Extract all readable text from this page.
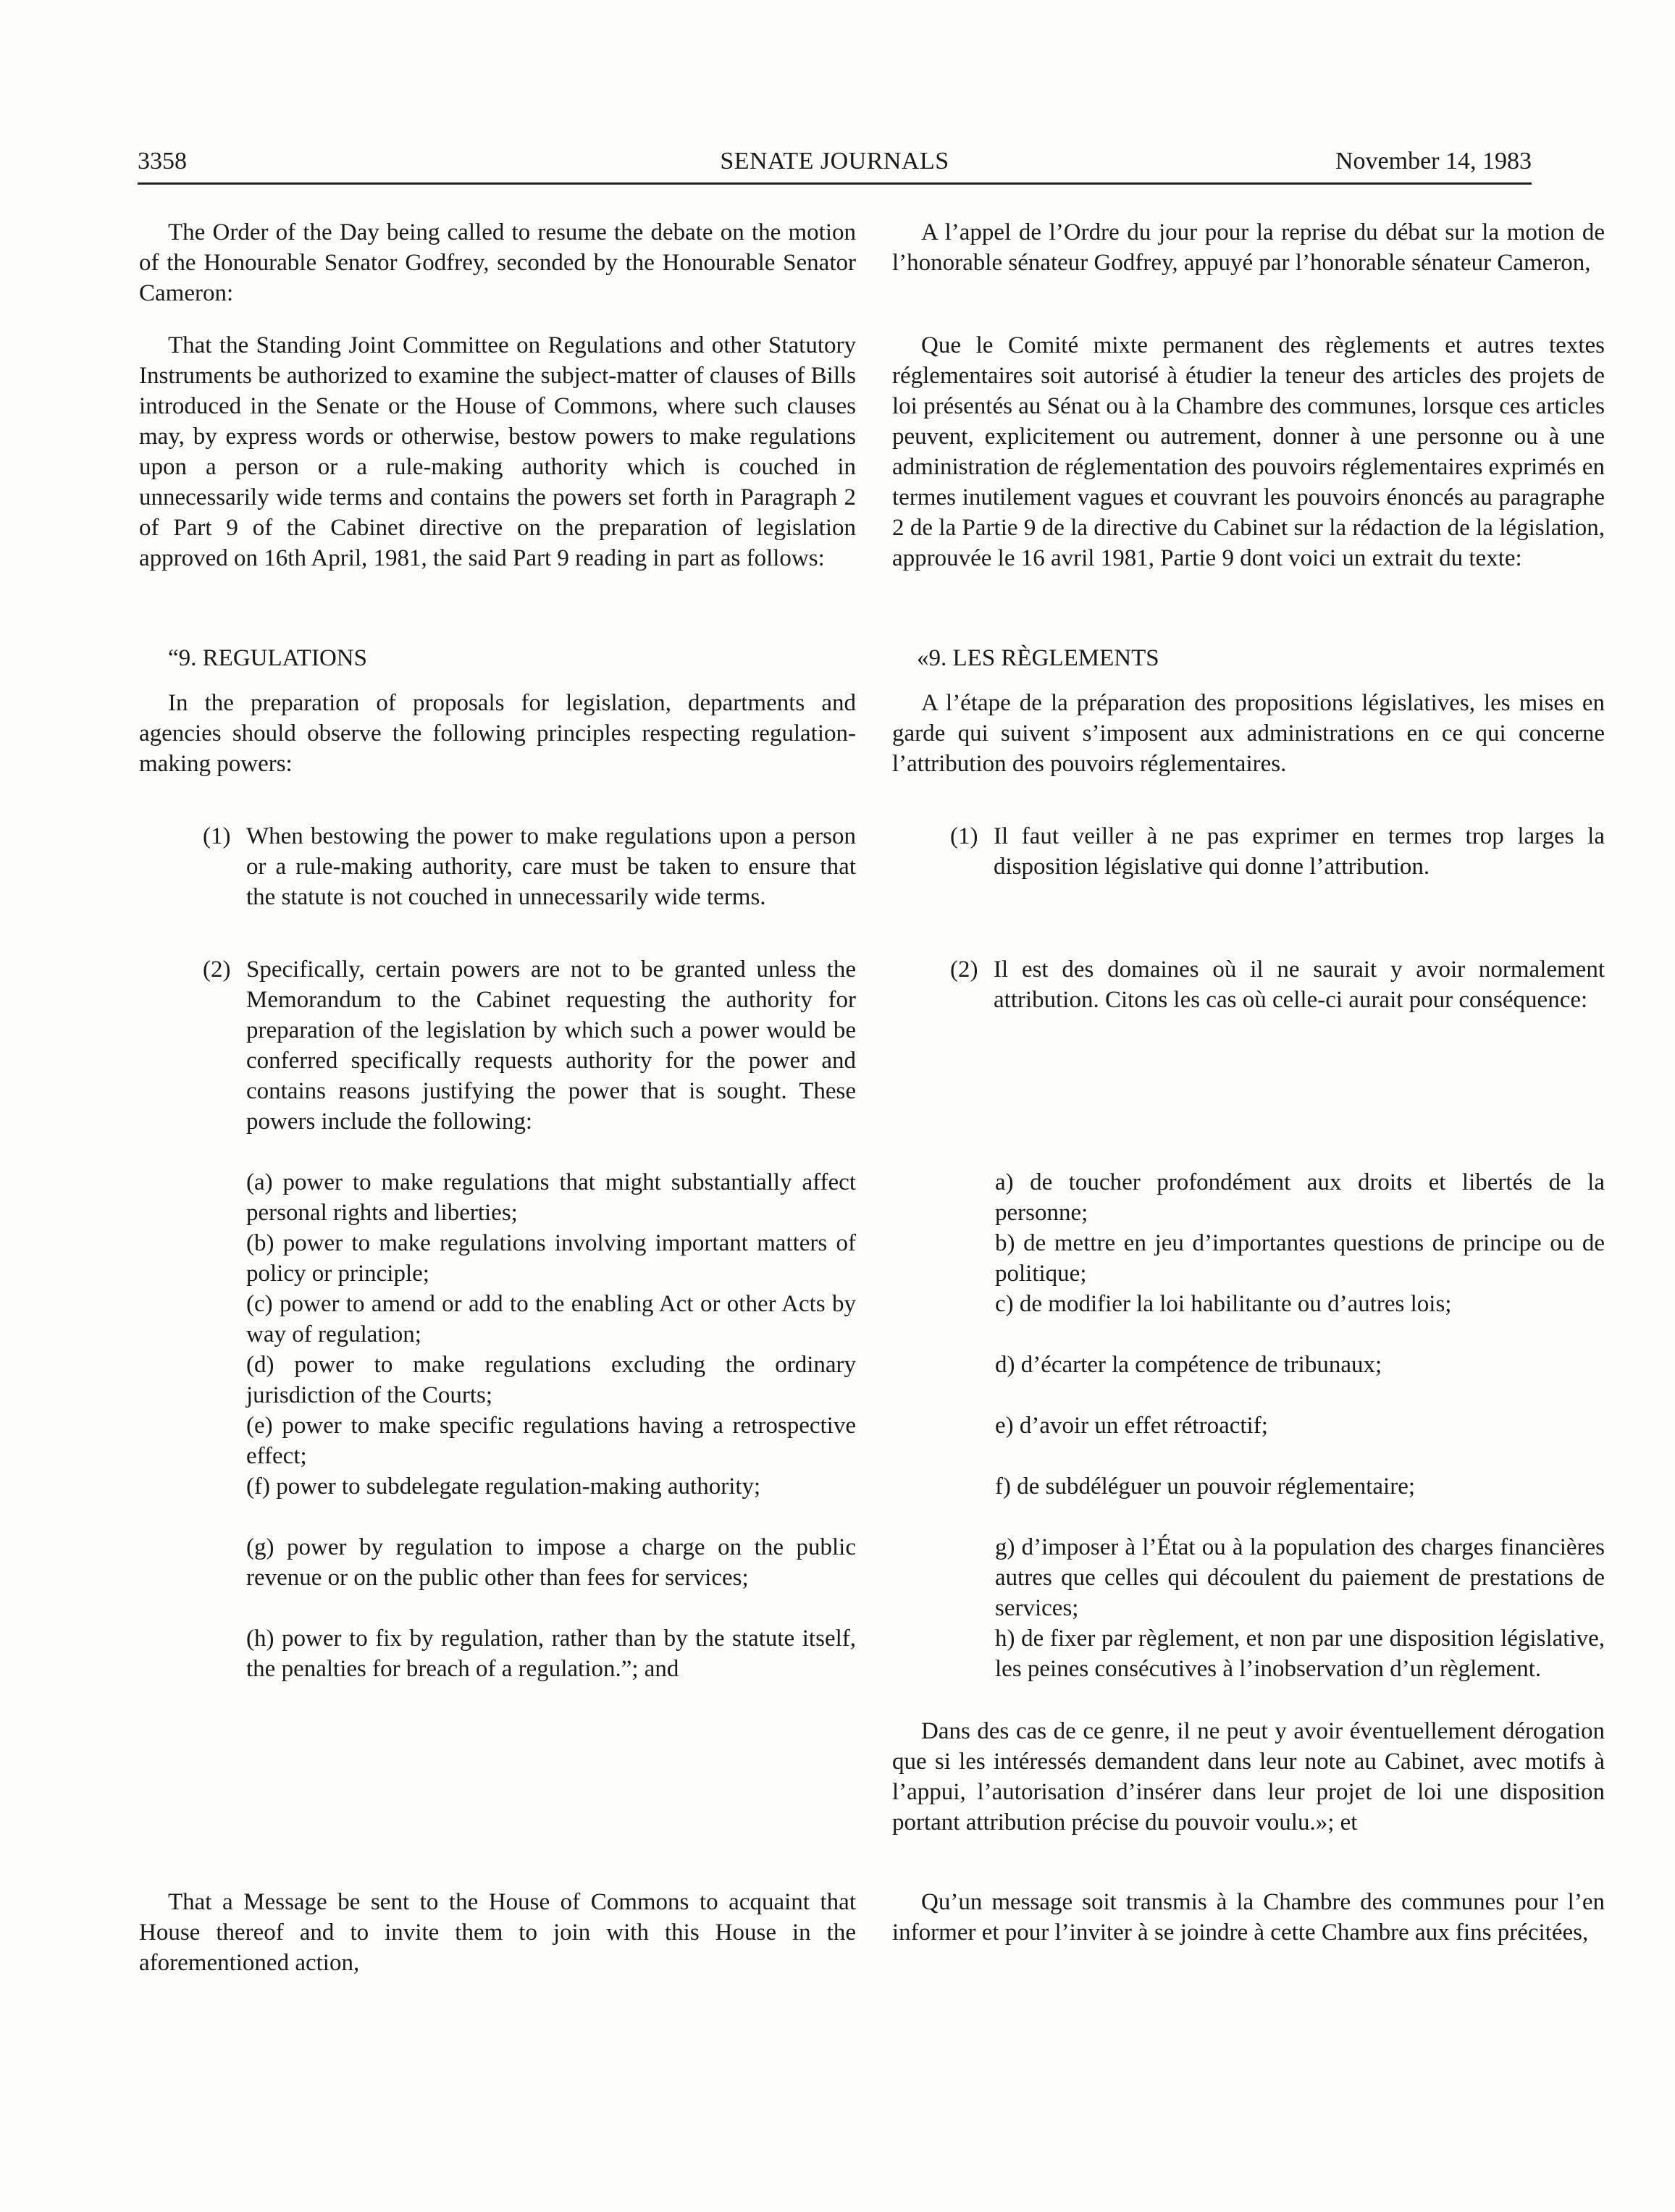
3358	SENATE JOURNALS	November 14, 1983

The Order of the Day being called to resume the debate on the motion of the Honourable Senator Godfrey, seconded by the Honourable Senator Cameron:

That the Standing Joint Committee on Regulations and other Statutory Instruments be authorized to examine the subject-matter of clauses of Bills introduced in the Senate or the House of Commons, where such clauses may, by express words or otherwise, bestow powers to make regulations upon a person or a rule-making authority which is couched in unnecessarily wide terms and contains the powers set forth in Paragraph 2 of Part 9 of the Cabinet directive on the preparation of legislation approved on 16th April, 1981, the said Part 9 reading in part as follows:

“9. REGULATIONS

In the preparation of proposals for legislation, departments and agencies should observe the following principles respecting regulation-making powers:

(1) When bestowing the power to make regulations upon a person or a rule-making authority, care must be taken to ensure that the statute is not couched in unnecessarily wide terms.
(2) Specifically, certain powers are not to be granted unless the Memorandum to the Cabinet requesting the authority for preparation of the legislation by which such a power would be conferred specifically requests authority for the power and contains reasons justifying the power that is sought. These powers include the following:
(a) power to make regulations that might substantially affect personal rights and liberties;
(b) power to make regulations involving important matters of policy or principle;
(c) power to amend or add to the enabling Act or other Acts by way of regulation;
(d) power to make regulations excluding the ordinary jurisdiction of the Courts;
(e) power to make specific regulations having a retrospective effect;
(f) power to subdelegate regulation-making authority;
(g) power by regulation to impose a charge on the public revenue or on the public other than fees for services;
(h) power to fix by regulation, rather than by the statute itself, the penalties for breach of a regulation.”; and

That a Message be sent to the House of Commons to acquaint that House thereof and to invite them to join with this House in the aforementioned action,

A l’appel de l’Ordre du jour pour la reprise du débat sur la motion de l’honorable sénateur Godfrey, appuyé par l’honorable sénateur Cameron,

Que le Comité mixte permanent des règlements et autres textes réglementaires soit autorisé à étudier la teneur des articles des projets de loi présentés au Sénat ou à la Chambre des communes, lorsque ces articles peuvent, explicitement ou autrement, donner à une personne ou à une administration de réglementation des pouvoirs réglementaires exprimés en termes inutilement vagues et couvrant les pouvoirs énoncés au paragraphe 2 de la Partie 9 de la directive du Cabinet sur la rédaction de la législation, approuvée le 16 avril 1981, Partie 9 dont voici un extrait du texte:

«9. LES RÈGLEMENTS

A l’étape de la préparation des propositions législatives, les mises en garde qui suivent s’imposent aux administrations en ce qui concerne l’attribution des pouvoirs réglementaires.

(1) Il faut veiller à ne pas exprimer en termes trop larges la disposition législative qui donne l’attribution.
(2) Il est des domaines où il ne saurait y avoir normalement attribution. Citons les cas où celle-ci aurait pour conséquence:
a) de toucher profondément aux droits et libertés de la personne;
b) de mettre en jeu d’importantes questions de principe ou de politique;
c) de modifier la loi habilitante ou d’autres lois;
d) d’écarter la compétence de tribunaux;
e) d’avoir un effet rétroactif;
f) de subdéléguer un pouvoir réglementaire;
g) d’imposer à l’État ou à la population des charges financières autres que celles qui découlent du paiement de prestations de services;
h) de fixer par règlement, et non par une disposition législative, les peines consécutives à l’inobservation d’un règlement.

Dans des cas de ce genre, il ne peut y avoir éventuellement dérogation que si les intéressés demandent dans leur note au Cabinet, avec motifs à l’appui, l’autorisation d’insérer dans leur projet de loi une disposition portant attribution précise du pouvoir voulu.»; et

Qu’un message soit transmis à la Chambre des communes pour l’en informer et pour l’inviter à se joindre à cette Chambre aux fins précitées,
